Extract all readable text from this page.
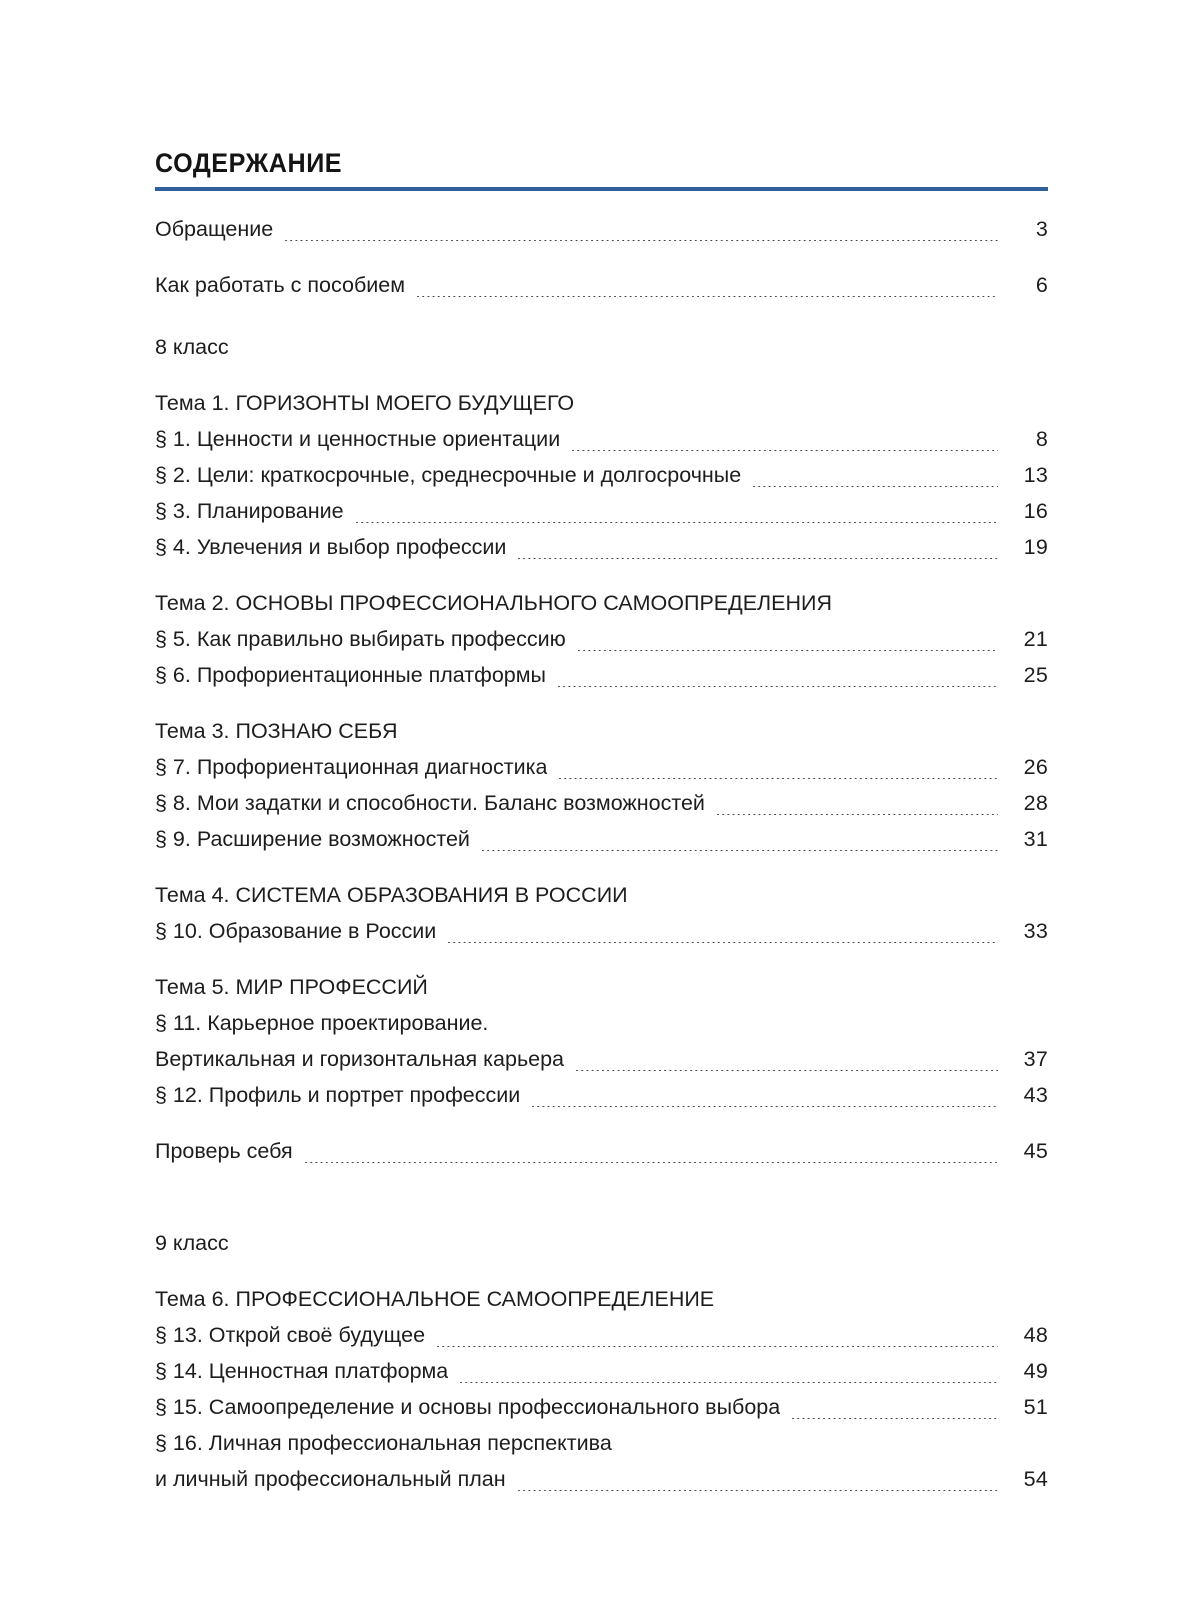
СОДЕРЖАНИЕ
Обращение	3
Как работать с пособием	6
8 класс
Тема 1. ГОРИЗОНТЫ МОЕГО БУДУЩЕГО
§ 1. Ценности и ценностные ориентации	8
§ 2. Цели: краткосрочные, среднесрочные и долгосрочные	13
§ 3. Планирование	16
§ 4. Увлечения и выбор профессии	19
Тема 2. ОСНОВЫ ПРОФЕССИОНАЛЬНОГО САМООПРЕДЕЛЕНИЯ
§ 5. Как правильно выбирать профессию	21
§ 6. Профориентационные платформы	25
Тема 3. ПОЗНАЮ СЕБЯ
§ 7. Профориентационная диагностика	26
§ 8. Мои задатки и способности. Баланс возможностей	28
§ 9. Расширение возможностей	31
Тема 4. СИСТЕМА ОБРАЗОВАНИЯ В РОССИИ
§ 10. Образование в России	33
Тема 5. МИР ПРОФЕССИЙ
§ 11. Карьерное проектирование.
Вертикальная и горизонтальная карьера	37
§ 12. Профиль и портрет профессии	43
Проверь себя	45
9 класс
Тема 6. ПРОФЕССИОНАЛЬНОЕ САМООПРЕДЕЛЕНИЕ
§ 13. Открой своё будущее	48
§ 14. Ценностная платформа	49
§ 15. Самоопределение и основы профессионального выбора	51
§ 16. Личная профессиональная перспектива
и личный профессиональный план	54
